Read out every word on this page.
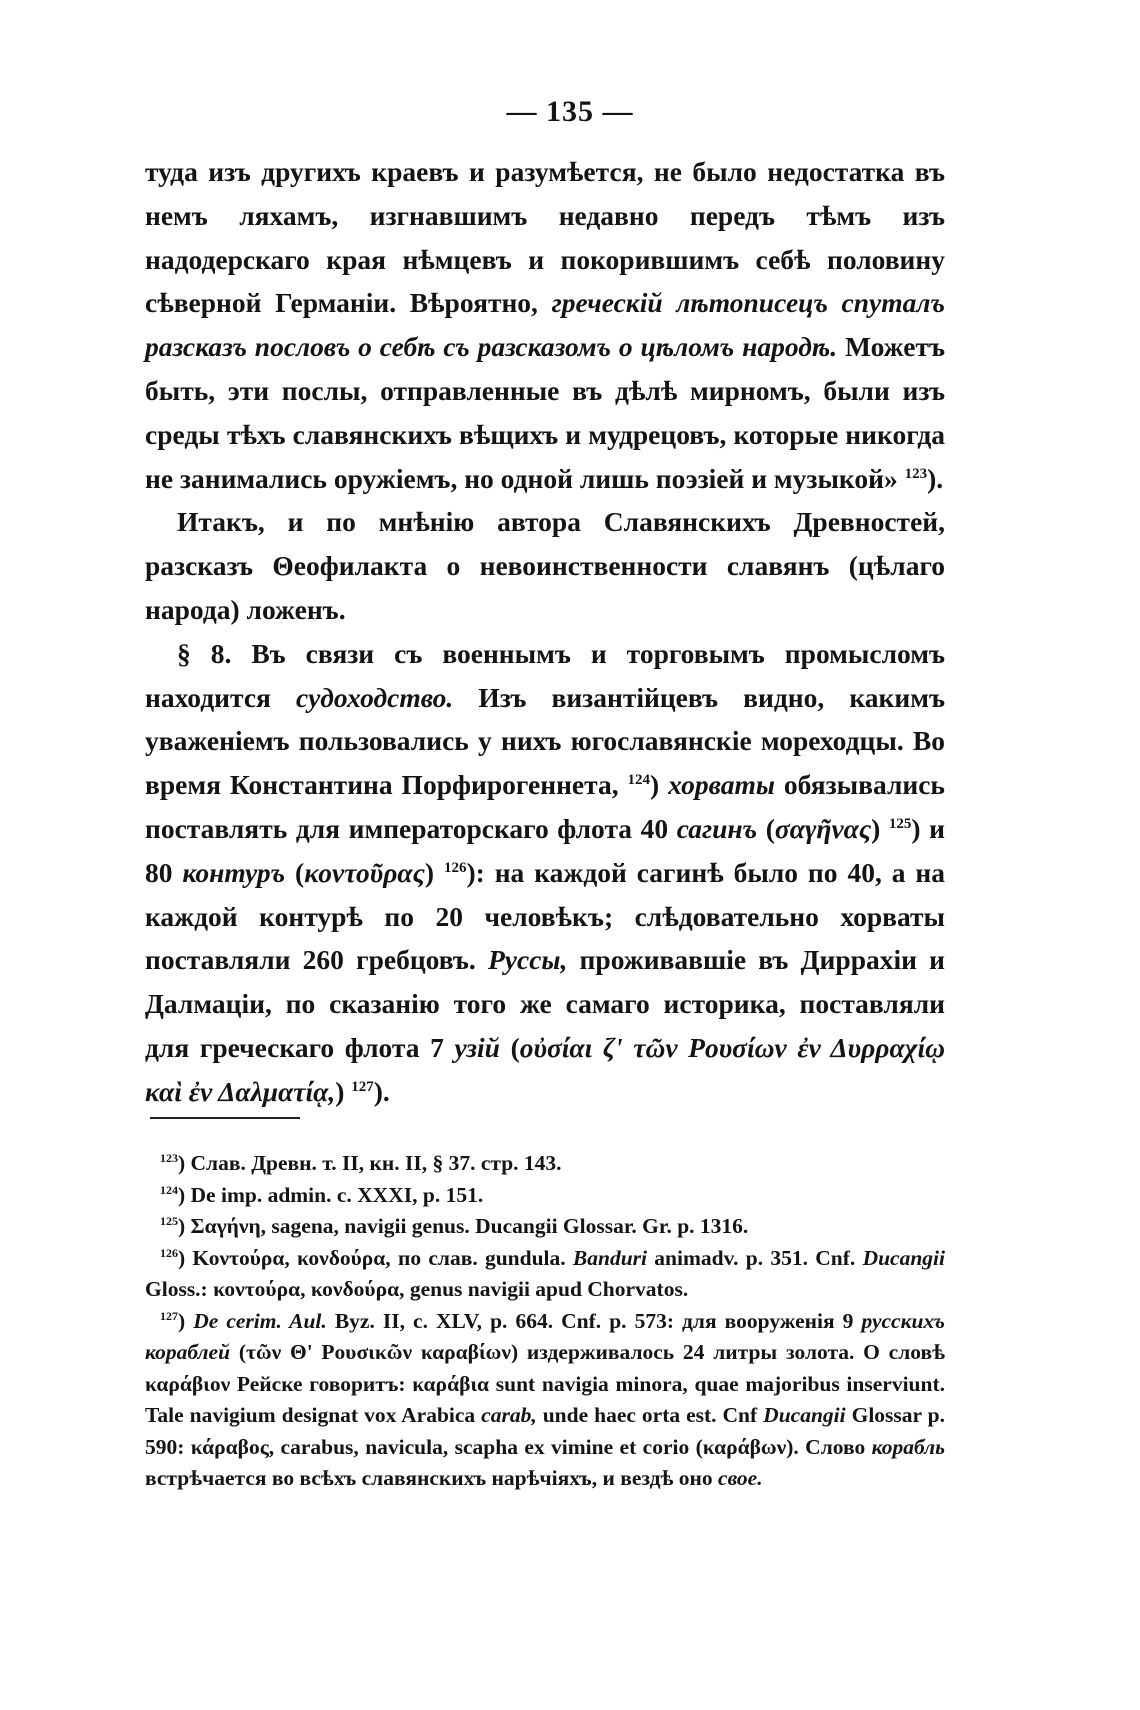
— 135 —

туда изъ другихъ краевъ и разумѣется, не было недостатка въ немъ ляхамъ, изгнавшимъ недавно передъ тѣмъ изъ надодерскаго края нѣмцевъ и покорившимъ себѣ половину сѣверной Германіи. Вѣроятно, греческій лѣтописецъ спуталъ разсказъ пословъ о себѣ съ разсказомъ о цѣломъ народѣ. Можетъ быть, эти послы, отправленные въ дѣлѣ мирномъ, были изъ среды тѣхъ славянскихъ вѣщихъ и мудрецовъ, которые никогда не занимались оружіемъ, но одной лишь поэзіей и музыкой» $^{123}$).

Итакъ, и по мнѣнію автора Славянскихъ Древностей, разсказъ Θеофилакта о невоинственности славянъ (цѣлаго народа) ложенъ.

§ 8. Въ связи съ военнымъ и торговымъ промысломъ находится судоходство. Изъ византійцевъ видно, какимъ уваженіемъ пользовались у нихъ югославянскіе мореходцы. Во время Константина Порфирогеннета, $^{124}$) хорваты обязывались поставлять для императорскаго флота 40 сагинъ (σαγῆνας) $^{125}$) и 80 контуръ (κοντοῦρας) $^{126}$): на каждой сагинѣ было по 40, а на каждой контурѣ по 20 человѣкъ; слѣдовательно хорваты поставляли 260 гребцовъ. Руссы, проживавшіе въ Диррахіи и Далмаціи, по сказанію того же самаго историка, поставляли для греческаго флота 7 узій (οὐσίαι ζ' τῶν Ρουσίων ἐν Δυρραχίῳ καὶ ἐν Δαλματίᾳ,) $^{127}$).

$^{123}$) Слав. Древн. т. II, кн. II, § 37. стр. 143.

$^{124}$) De imp. admin. c. XXXI, p. 151.

$^{125}$) Σαγήνη, sagena, navigii genus. Ducangii Glossar. Gr. p. 1316.

$^{126}$) Κοντούρα, κονδούρα, по слав. gundula. Banduri animadv. p. 351. Cnf. Ducangii Gloss.: κοντούρα, κονδούρα, genus navigii apud Chorvatos.

$^{127}$) De cerim. Aul. Byz. II, c. XLV, p. 664. Cnf. p. 573: для вооруженія 9 русскихъ кораблей (τῶν Θ' Ρουσικῶν καραβίων) издерживалось 24 литры золота. О словѣ καράβιον Рейске говоритъ: καράβια sunt navigia minora, quae majoribus inserviunt. Tale navigium designat vox Arabica carab, unde haec orta est. Cnf Ducangii Glossar p. 590: κάραβος, carabus, navicula, scapha ex vimine et corio (καράβων). Слово корабль встрѣчается во всѣхъ славянскихъ нарѣчіяхъ, и вездѣ оно свое.
